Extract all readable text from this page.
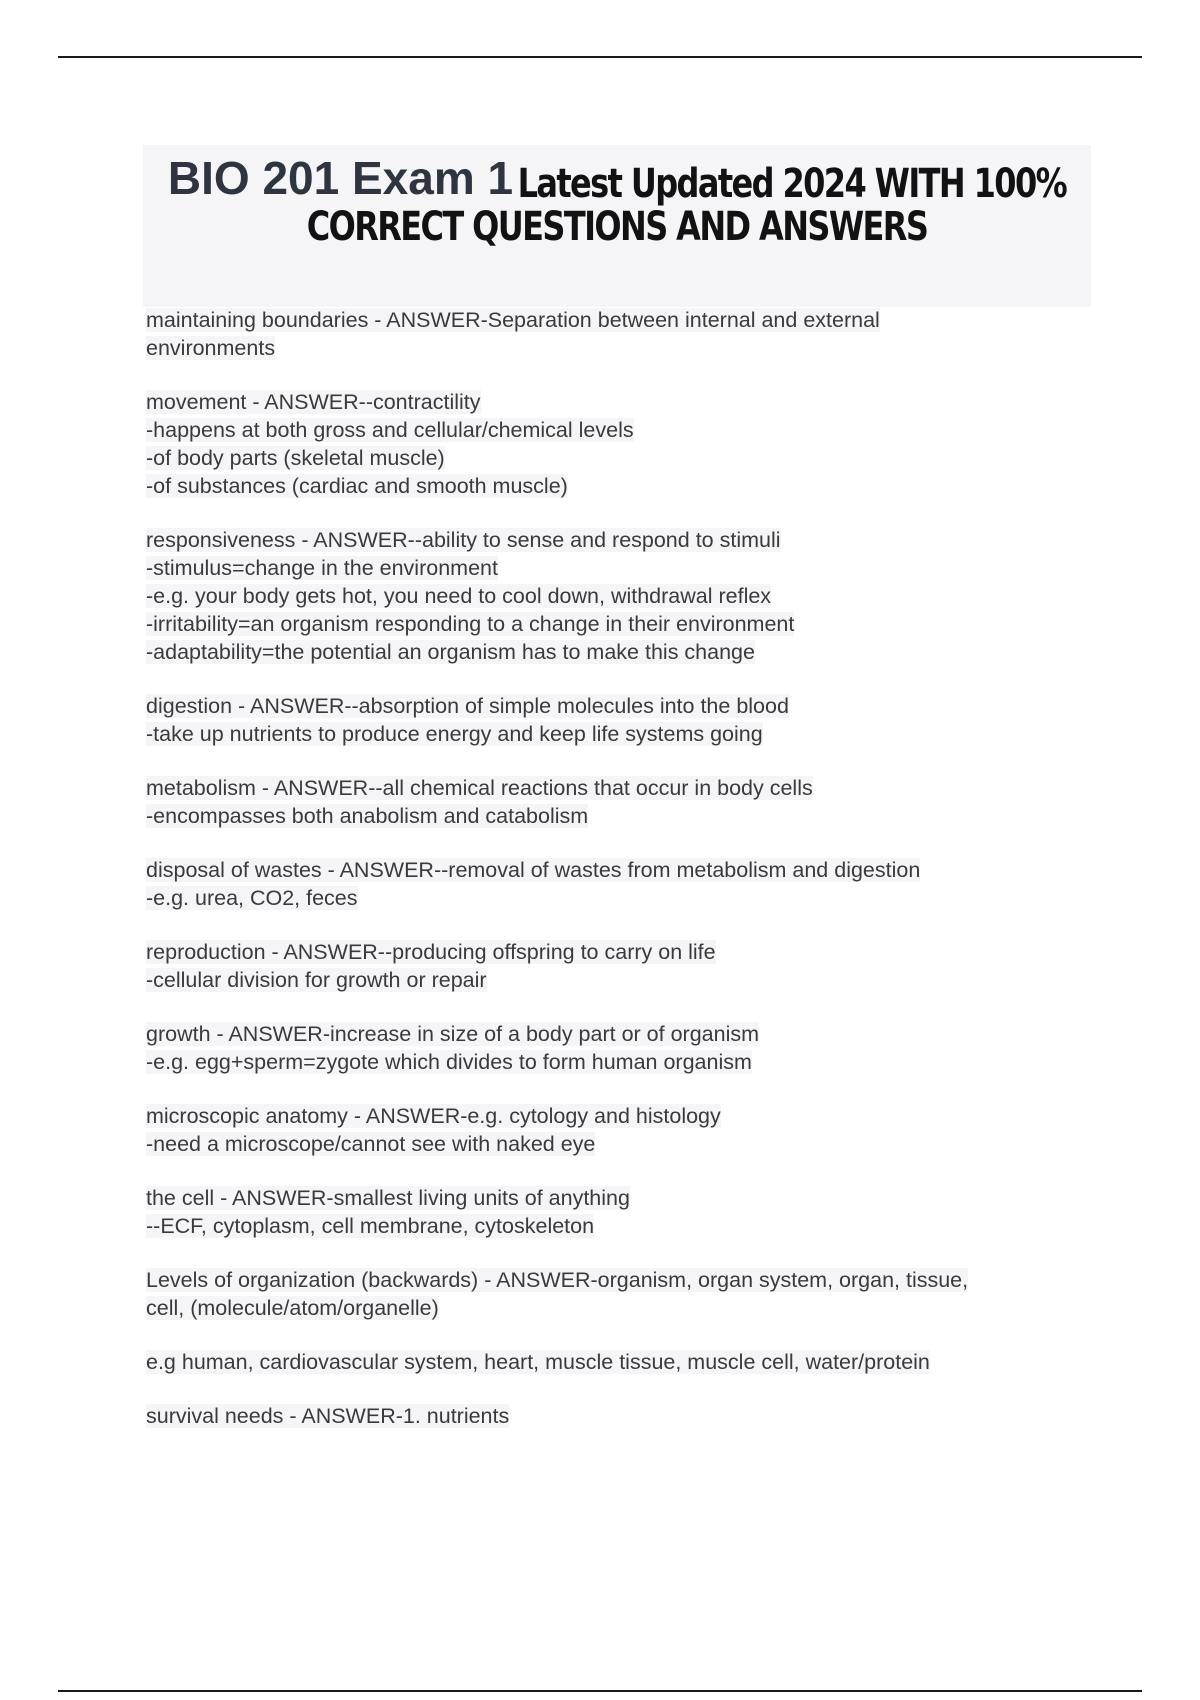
BIO 201 Exam 1 Latest Updated 2024 WITH 100%
CORRECT QUESTIONS AND ANSWERS
maintaining boundaries - ANSWER-Separation between internal and external
environments
movement - ANSWER--contractility
-happens at both gross and cellular/chemical levels
-of body parts (skeletal muscle)
-of substances (cardiac and smooth muscle)
responsiveness - ANSWER--ability to sense and respond to stimuli
-stimulus=change in the environment
-e.g. your body gets hot, you need to cool down, withdrawal reflex
-irritability=an organism responding to a change in their environment
-adaptability=the potential an organism has to make this change
digestion - ANSWER--absorption of simple molecules into the blood
-take up nutrients to produce energy and keep life systems going
metabolism - ANSWER--all chemical reactions that occur in body cells
-encompasses both anabolism and catabolism
disposal of wastes - ANSWER--removal of wastes from metabolism and digestion
-e.g. urea, CO2, feces
reproduction - ANSWER--producing offspring to carry on life
-cellular division for growth or repair
growth - ANSWER-increase in size of a body part or of organism
-e.g. egg+sperm=zygote which divides to form human organism
microscopic anatomy - ANSWER-e.g. cytology and histology
-need a microscope/cannot see with naked eye
the cell - ANSWER-smallest living units of anything
--ECF, cytoplasm, cell membrane, cytoskeleton
Levels of organization (backwards) - ANSWER-organism, organ system, organ, tissue,
cell, (molecule/atom/organelle)
e.g human, cardiovascular system, heart, muscle tissue, muscle cell, water/protein
survival needs - ANSWER-1. nutrients
